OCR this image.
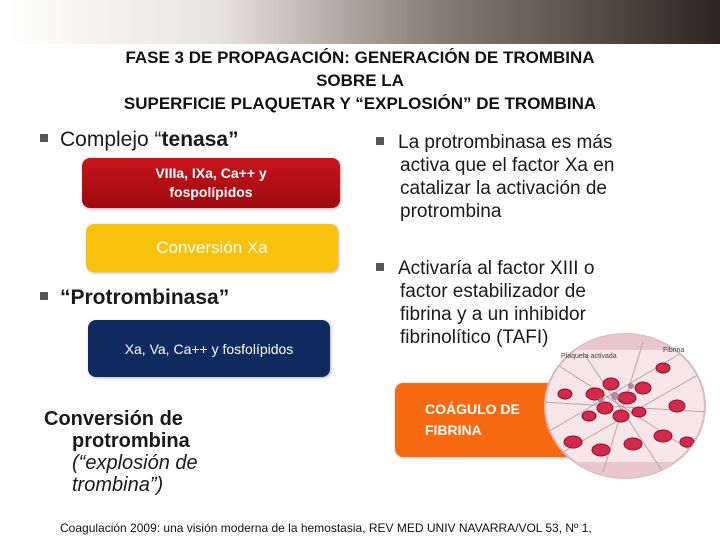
FASE 3 DE PROPAGACIÓN: GENERACIÓN DE TROMBINA
SOBRE LA
SUPERFICIE PLAQUETAR Y “EXPLOSIÓN” DE TROMBINA
Complejo “tenasa”
VIIIa, IXa, Ca++ y
fospolípidos
Conversión Xa
“Protrombinasa”
Xa, Va, Ca++ y fosfolípidos
Conversión de
protrombina
(“explosión de
trombina”)
La protrombinasa es más
activa que el factor Xa en
catalizar la activación de
protrombina
Activaría al factor XIII o
factor estabilizador de
fibrina y a un inhibidor
fibrinolítico (TAFI)
COÁGULO DE
FIBRINA
Plaqueta activada
Fibrina
Coagulación 2009: una visión moderna de la hemostasia, REV MED UNIV NAVARRA/VOL 53, Nº 1,
